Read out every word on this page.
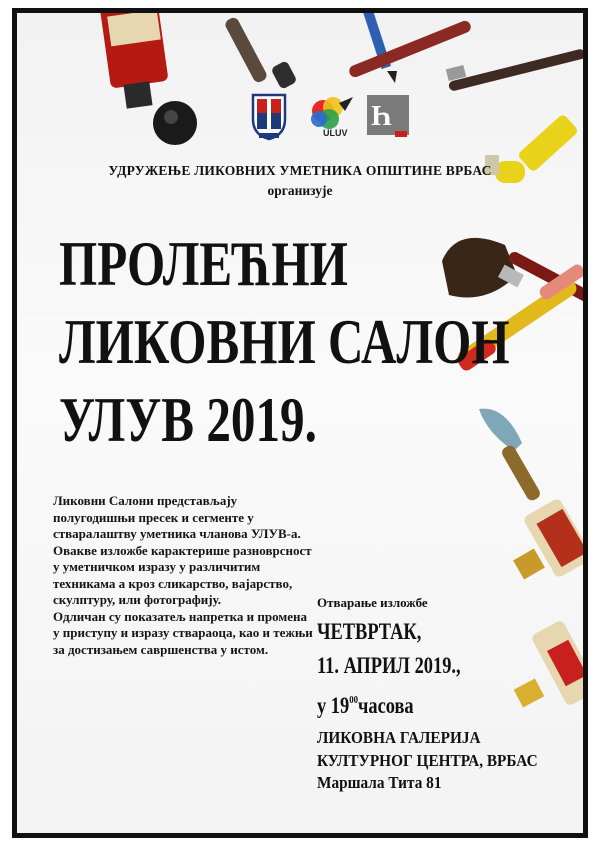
ULUV
Һ
УДРУЖЕЊЕ ЛИКОВНИХ УМЕТНИКА ОПШТИНЕ ВРБАС
организује
ПРОЛЕЋНИ
ЛИКОВНИ САЛОН
УЛУВ 2019.

Ликовни Салони представљају полугодишњи пресек и сегменте у стваралаштву уметника чланова УЛУВ-а.

Овакве изложбе карактерише разноврсност у уметничком изразу у различитим техникама а кроз сликарство, вајарство, скулптуру, или фотографију.

Одличан су показатељ напретка и промена у приступу и изразу ствараоца, као и тежњи за достизањем савршенства у истом.

Отварање изложбе
ЧЕТВРТАК,
11. АПРИЛ 2019.,
у $19^{00}часова$
ЛИКОВНА ГАЛЕРИЈА
КУЛТУРНОГ ЦЕНТРА, ВРБАС
Маршала Тита 81
